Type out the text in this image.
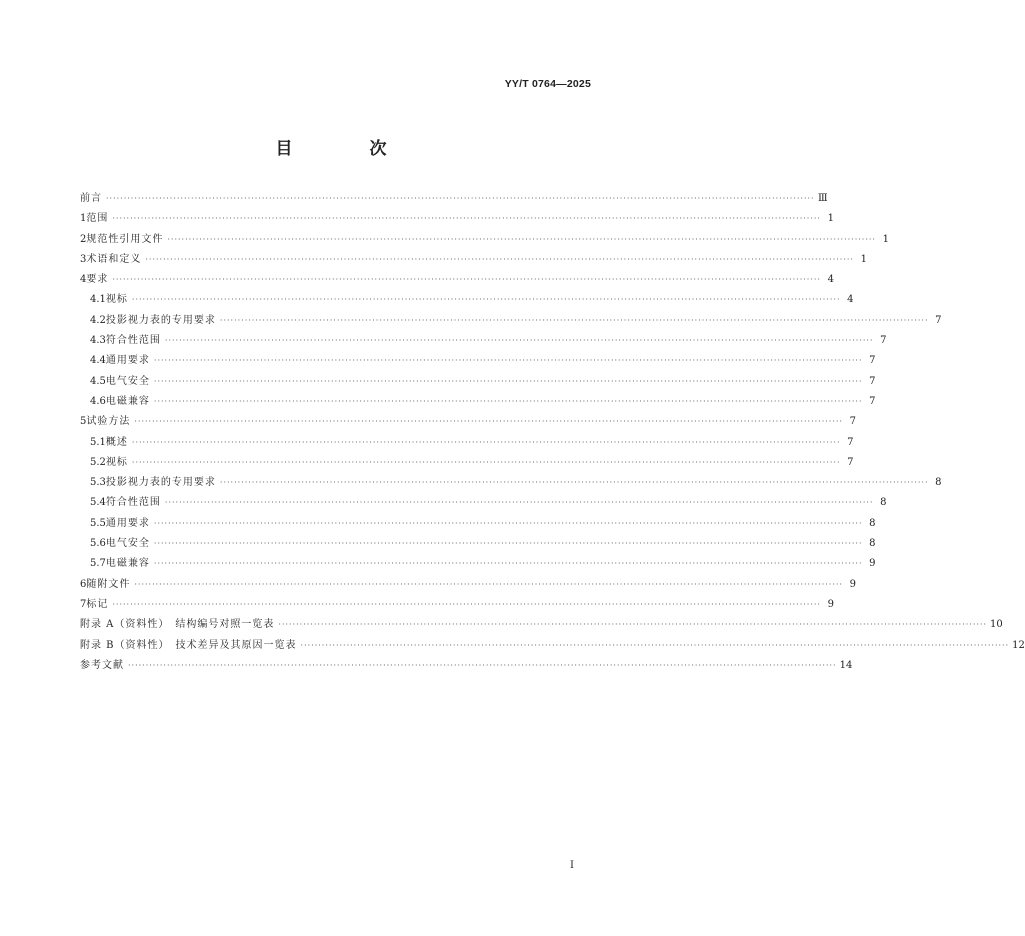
YY/T 0764—2025
目　次
前言 ········································································································································································································ Ⅲ
1 范围 ········································································································································································································ 1
2 规范性引用文件 ········································································································································································································ 1
3 术语和定义 ········································································································································································································ 1
4 要求 ········································································································································································································ 4
4.1 视标 ········································································································································································································ 4
4.2 投影视力表的专用要求 ········································································································································································································ 7
4.3 符合性范围 ········································································································································································································ 7
4.4 通用要求 ········································································································································································································ 7
4.5 电气安全 ········································································································································································································ 7
4.6 电磁兼容 ········································································································································································································ 7
5 试验方法 ········································································································································································································ 7
5.1 概述 ········································································································································································································ 7
5.2 视标 ········································································································································································································ 7
5.3 投影视力表的专用要求 ········································································································································································································ 8
5.4 符合性范围 ········································································································································································································ 8
5.5 通用要求 ········································································································································································································ 8
5.6 电气安全 ········································································································································································································ 8
5.7 电磁兼容 ········································································································································································································ 9
6 随附文件 ········································································································································································································ 9
7 标记 ········································································································································································································ 9
附录 A（资料性）　结构编号对照一览表 ········································································································································································································ 10
附录 B（资料性）　技术差异及其原因一览表 ········································································································································································································ 12
参考文献 ········································································································································································································ 14
Ⅰ
